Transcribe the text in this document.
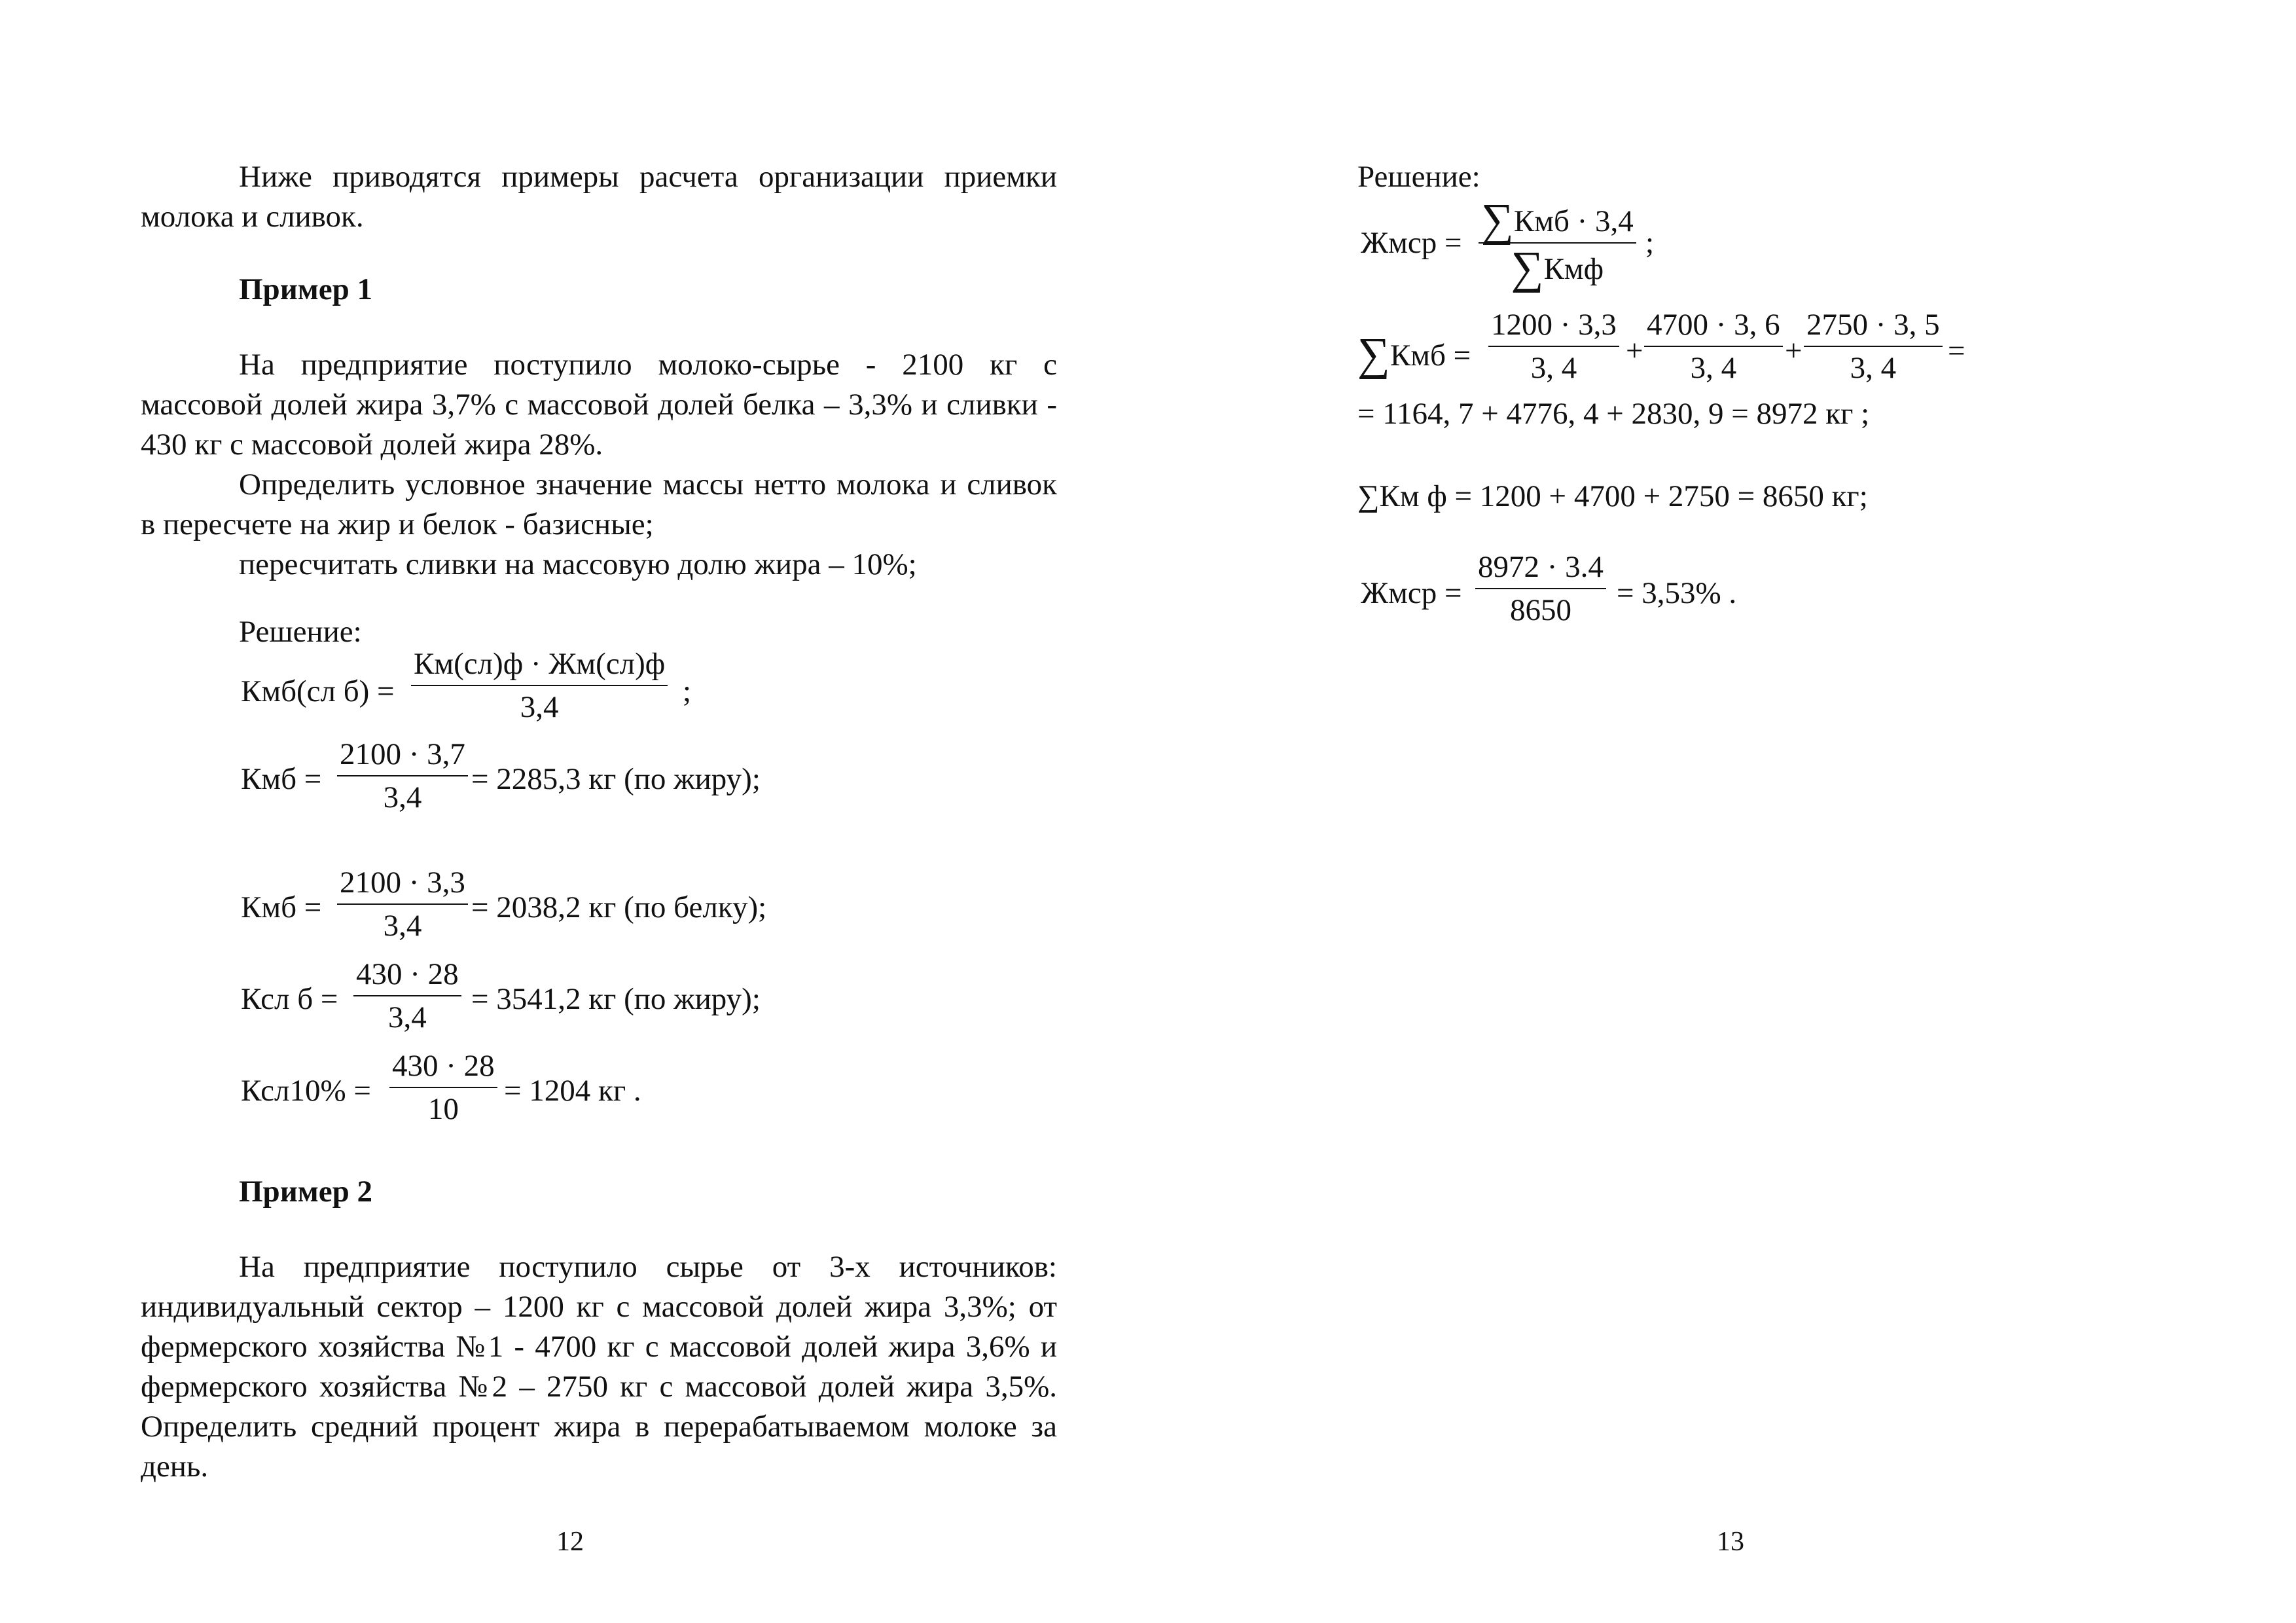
Ниже приводятся примеры расчета организации приемки молока и сливок.
Пример 1
На предприятие поступило молоко-сырье - 2100 кг с массовой долей жира 3,7% с массовой долей белка – 3,3% и сливки - 430 кг с массовой долей жира 28%.
Определить условное значение массы нетто молока и сливок в пересчете на жир и белок - базисные;
пересчитать сливки на массовую долю жира – 10%;
Решение:
Кмб(сл б) =
Км(сл)ф · Жм(сл)ф
3,4	;
Кмб = $\frac{2100 \cdot 3,7}{3,4} = 2285,3$ кг (по жиру);
Кмб = $\frac{2100 \cdot 3,3}{3,4} = 2038,2$ кг (по белку);
Ксл $б = \frac{430 \cdot 28}{3,4} = 3541,2$ кг (по жиру);
$Ксл10\% = \frac{430 \cdot 28}{10} = 1204$ кг .
Пример 2
На предприятие поступило сырье от 3-х источников: индивидуальный сектор – 1200 кг с массовой долей жира 3,3%; от фермерского хозяйства №1 - 4700 кг с массовой долей жира 3,6% и фермерского хозяйства №2 – 2750 кг с массовой долей жира 3,5%. Определить средний процент жира в перерабатываемом молоке за день.
12
Решение:
Жмср = ∑Кмб · 3,4
∑Кмф
;
$\sum Кмб = \frac{1200 \cdot 3,3}{3, 4} + \frac{4700 \cdot 3, 6}{3, 4} + \frac{2750 \cdot 3, 5}{3, 4}$ =
= 1164, 7 + 4776, 4 + 2830, 9 = 8972 кг ;
∑Км ф = 1200 + 4700 + 2750 = 8650 кг;
Жмср = $\frac{8972 \cdot 3.4}{8650} = 3,53\%$ .
13
